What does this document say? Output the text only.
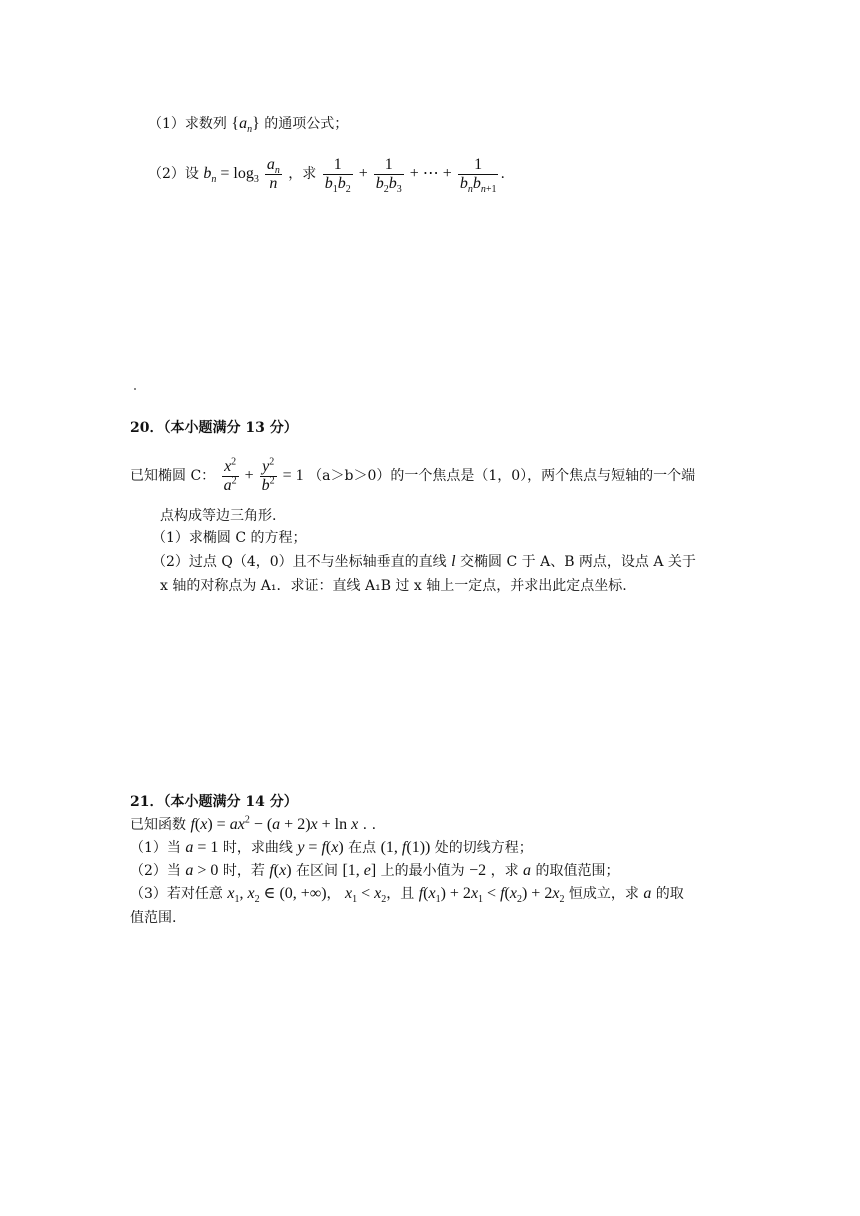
（1）求数列 $\{a_n\}$ 的通项公式；
（2）设 $b_n = \log_3 \frac{a_n}{n}$ ，求 $\frac{1}{b_1b_2} + \frac{1}{b_2b_3}$ + ⋯ + $\frac{1}{b_nb_{n+1}}$ .
20．（本小题满分 13 分）
已知椭圆 C： $\frac{x^2}{a^2} + \frac{y^2}{b^2} = 1$ （a＞b＞0）的一个焦点是（1，0），两个焦点与短轴的一个端
点构成等边三角形.
（1）求椭圆 C 的方程；
（2）过点 Q（4，0）且不与坐标轴垂直的直线 l 交椭圆 C 于 A、B 两点，设点 A 关于
x 轴的对称点为 A₁．求证：直线 A₁B 过 x 轴上一定点，并求出此定点坐标.
21．（本小题满分 14 分）
已知函数 $f(x) = ax^2 - (a + 2)x + \ln x$ . .
（1）当 a = 1 时，求曲线 y = f(x) 在点 (1, f(1)) 处的切线方程；
（2）当 a > 0 时，若 f(x) 在区间 [1, e] 上的最小值为 −2 ，求 a 的取值范围；
（3）若对任意 $x_1$, $x_2$ ∈ (0, +∞)， $x_1 < x_2$，且 $f(x_1) + 2x_1 < f(x_2) + 2x_2$ 恒成立，求 a 的取
值范围.
